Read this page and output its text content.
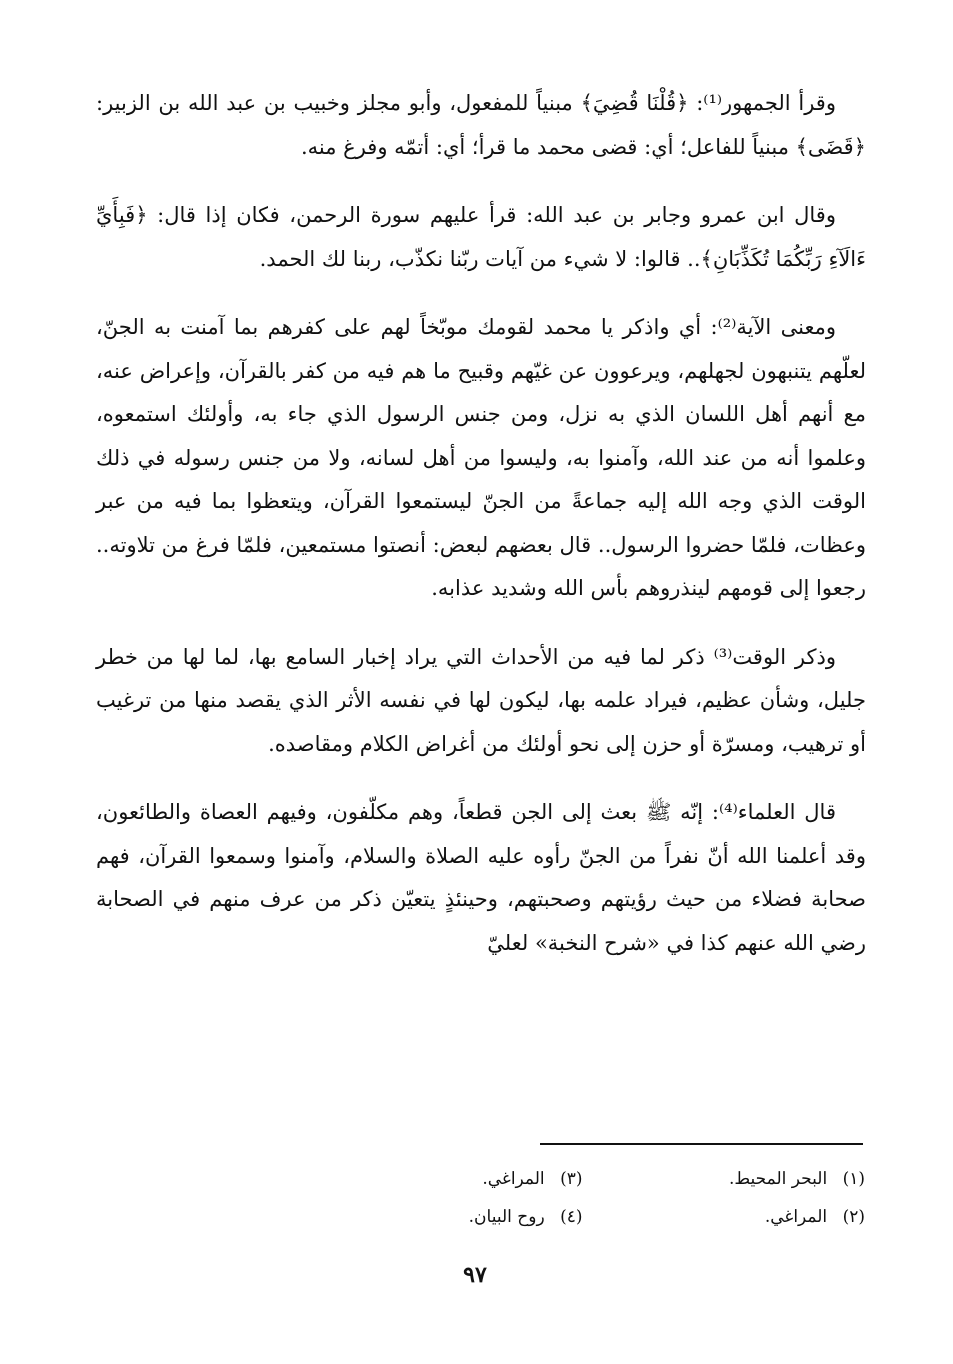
وقرأ الجمهور⁽¹⁾: ﴿قُلْنَا قُضِيَ﴾ مبنياً للمفعول، وأبو مجلز وخبيب بن عبد الله بن الزبير: ﴿قَضَى﴾ مبنياً للفاعل؛ أي: قضى محمد ما قرأ؛ أي: أتمّه وفرغ منه.

وقال ابن عمرو وجابر بن عبد الله: قرأ عليهم سورة الرحمن، فكان إذا قال: ﴿فَبِأَيِّ ءَالَآءِ رَبِّكُمَا تُكَذِّبَانِ﴾.. قالوا: لا شيء من آيات ربّنا نكذّب، ربنا لك الحمد.

ومعنى الآية⁽²⁾: أي واذكر يا محمد لقومك موبّخاً لهم على كفرهم بما آمنت به الجنّ، لعلّهم يتنبهون لجهلهم، ويرعوون عن غيّهم وقبيح ما هم فيه من كفر بالقرآن، وإعراض عنه، مع أنهم أهل اللسان الذي به نزل، ومن جنس الرسول الذي جاء به، وأولئك استمعوه، وعلموا أنه من عند الله، وآمنوا به، وليسوا من أهل لسانه، ولا من جنس رسوله في ذلك الوقت الذي وجه الله إليه جماعةً من الجنّ ليستمعوا القرآن، ويتعظوا بما فيه من عبر وعظات، فلمّا حضروا الرسول.. قال بعضهم لبعض: أنصتوا مستمعين، فلمّا فرغ من تلاوته.. رجعوا إلى قومهم لينذروهم بأس الله وشديد عذابه.

وذكر الوقت⁽³⁾ ذكر لما فيه من الأحداث التي يراد إخبار السامع بها، لما لها من خطر جليل، وشأن عظيم، فيراد علمه بها، ليكون لها في نفسه الأثر الذي يقصد منها من ترغيب أو ترهيب، ومسرّة أو حزن إلى نحو أولئك من أغراض الكلام ومقاصده.

قال العلماء⁽⁴⁾: إنّه ﷺ بعث إلى الجن قطعاً، وهم مكلّفون، وفيهم العصاة والطائعون، وقد أعلمنا الله أنّ نفراً من الجنّ رأوه عليه الصلاة والسلام، وآمنوا وسمعوا القرآن، فهم صحابة فضلاء من حيث رؤيتهم وصحبتهم، وحينئذٍ يتعيّن ذكر من عرف منهم في الصحابة رضي الله عنهم كذا في «شرح النخبة» لعليّ

(١) البحر المحيط.
(٣) المراغي.
(٢) المراغي.
(٤) روح البيان.
٩٧
